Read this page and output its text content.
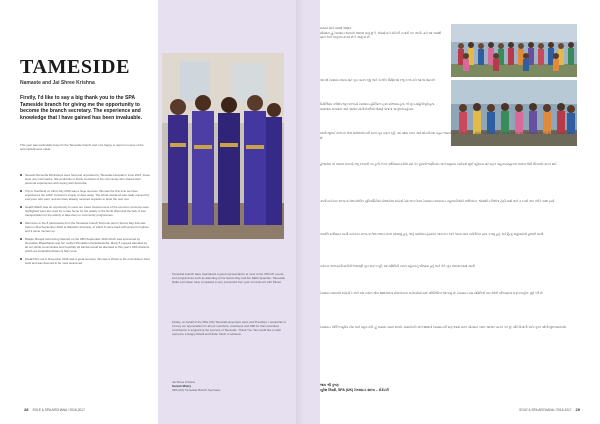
TAMESIDE
Namaste and Jai Shree Krishna

Firstly, I'd like to say a big thank you to the SPA Tameside branch for giving me the opportunity to become the branch secretary. The experience and knowledge that I have gained has been invaluable.

This year was particularly busy for the Tameside branch and I am happy to report on some of the accomplishments made.

Several Dementia Workshops were held and organised by Tameside Hospital in June 2016, these were very informative. We would like to thank members of the community who shared their personal experiences with coping with dementia.
Trip to Southend on 22nd July 2016 was a huge success; this was the first time we have organised a trip which involved a couple of days away. The whole weekend was really enjoyed by everyone who went, and we have already received requests to book the next one.
Health Watch was an opportunity to voice our views forward some of the common concerns were highlighted were the need for a care home for the elderly in the North West and the lack of free transportation for the elderly to take them to community programmes.
Well done to the 8 participants from the Tameside branch that took part in Sports Day that was held on 31st September 2016 at Warwick University, of which 5 came back with winner's trophies and 3 came runners up.
Bhajan Mangal held during Navratri on the 28th September 2016 which was sponsored by Hemabien Bhaskharan and her mother Parvatiben Parasharamba. Many 5 enjoyed attended by all our Hindu communities and hopefully all Hindus would be attended to this year's SPA chanters which are Ketanbha Ahdam & Nitin Vora.
Diwali Plan out in November 2016 was a great success; this was a tribute to the committee's hard work and was deemed to be most welcomed.

Tameside branch have maintained a good representation at most of the SPA UK events and programmes such as attending at the Sports Day and the Rafta Spandan. Tameside Rafta committee have completed a very successful four year commitment with Dilmel.

Finally, on behalf of the SPA (UK) Tameside Executive team and President, I would like to convey our appreciation for all our members, volunteers and SPA for their relentless contribution in supporting the success of Tameside. Thank You. We would like to wish everyone a Happy Diwali and Nutan Varsh in advance.

Jai Shree Krishna
Suresh Mistry
SPA (UK) Tameside Branch Secretary
28 SOLE & SPA ARCHANA / 2016-2017

સમયાં સોને પ્રમાણે જણાવ.
સૌપ્રથમ, હું ટેમસાઇડ શાખાનો આભાર માનું છું કે, જેમણે મને સેક્રેટરી બનાવી તક આપી. મને આ કામથી જ્ઞાન અને અનુભવ મળ્યો છે તે અમૂલ્ય છે.

આ વર્ષ ટેમસાઇડ શાખા માટે ખૂબ વ્યસ્ત રહ્યું અને કેટલીક સિદ્ધિઓ રજૂ કરતાં મને આનંદ થાય છે.

ડિમેન્શિયા વર્કશોપ જૂન ૨૦૧૬માં ટેમસાઇડ હોસ્પિટલ દ્વારા યોજાયા હતા, જે ખૂબ માહિતીપૂર્ણ હતા. સમાજના સભ્યોનો અમે આભાર માનીએ છીએ જેમણે પોતાના અનુભવો વહેંચ્યા.

૨૨મી જુલાઈ ૨૦૧૬ના રોજ સાઉથએન્ડની યાત્રા ખૂબ સફળ રહી; આ પ્રથમ વખત અમે થોડા દિવસ બહાર જવાની યાત્રા ગોઠવી હતી. સૌએ આખો સપ્તાહાંત આનંદ માણ્યો અને આગામી યાત્રા માટે વિનંતીઓ આવી ગઈ છે.

હેલ્થવોચ એ અમારા મંતવ્યો રજૂ કરવાની તક હતી; ઉત્તર પશ્ચિમમાં વડીલો માટે કેર હોમની જરૂરિયાત અને સમુદાય કાર્યક્રમો સુધી પહોંચવા માટે મફત વાહનવ્યવહારના અભાવ જેવી ચિંતાઓ વ્યક્ત થઈ.

૩૧મી સપ્ટેમ્બર ૨૦૧૬ના રોજ વોરવિક યુનિવર્સિટીમાં યોજાયેલા સ્પોર્ટ્સ ડેમાં ભાગ લેનાર ટેમસાઇડ શાખાના ૮ સહભાગીઓને અભિનંદન, જેમાંથી ૫ વિજેતા ટ્રોફી સાથે અને ૩ રનર્સ અપ તરીકે પાછા ફર્યા.

નવરાત્રિ દરમિયાન ૨૮મી સપ્ટેમ્બર ૨૦૧૬ના રોજ ભજન મંગલ યોજાયું હતું, જેનું પ્રાયોજન હેમાબેન ભાસ્કરન અને તેમના માતા પાર્વતીબેન દ્વારા કરાયું હતું. સર્વ હિન્દુ સમુદાયોએ હાજરી આપી.

નવેમ્બર ૨૦૧૬માં દિવાળીની ઉજવણી ખૂબ સફળ રહી; આ સમિતિની સખત મહેનતનું પરિણામ હતું અને તેને ખૂબ આવકારવામાં આવી.

ટેમસાઇડ શાખાએ સ્પોર્ટ્સ ડે અને રાસ સ્પંદન જેવા SPA UKના મોટાભાગના કાર્યક્રમોમાં સારું પ્રતિનિધિત્વ જાળવ્યું છે. ટેમસાઇડ રાસ સમિતિએ ચાર વર્ષની પ્રતિબદ્ધતા સફળતાપૂર્વક પૂર્ણ કરી છે.

ટેમસાઇડ એક્ઝિક્યુટિવ ટીમ અને પ્રમુખ વતી, હું અમારા તમામ સભ્યો, સ્વયંસેવકો અને SPAનો ટેમસાઇડની સફળતામાં સતત યોગદાન બદલ આભાર વ્યક્ત કરું છું. સૌને દિવાળી અને નૂતન વર્ષની શુભકામનાઓ.

જય શ્રી કૃષ્ણ
સુરેશ મિસ્ત્રી, SPA (UK) ટેમસાઇડ શાખા – સેક્રેટરી
SOLE & SPA ARCHANA / 2016-2017 29
